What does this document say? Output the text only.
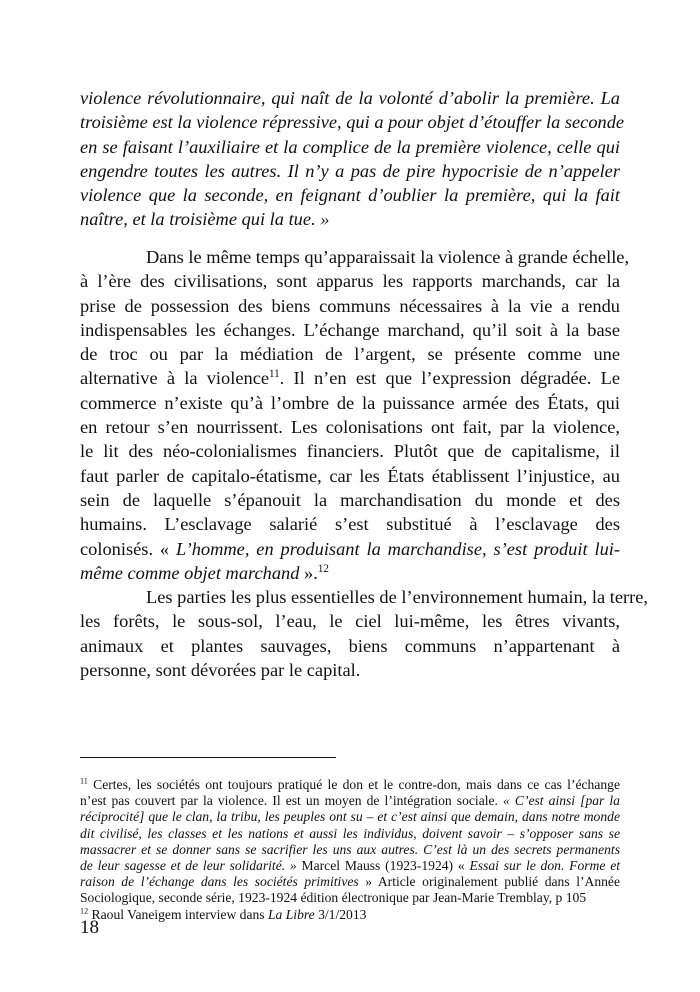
violence révolutionnaire, qui naît de la volonté d’abolir la première. La
troisième est la violence répressive, qui a pour objet d’étouffer la seconde
en se faisant l’auxiliaire et la complice de la première violence, celle qui
engendre toutes les autres. Il n’y a pas de pire hypocrisie de n’appeler
violence que la seconde, en feignant d’oublier la première, qui la fait
naître, et la troisième qui la tue. »
Dans le même temps qu’apparaissait la violence à grande échelle,
à l’ère des civilisations, sont apparus les rapports marchands, car la
prise de possession des biens communs nécessaires à la vie a rendu
indispensables les échanges. L’échange marchand, qu’il soit à la base
de troc ou par la médiation de l’argent, se présente comme une
alternative à la violence$^{11}$. Il n’en est que l’expression dégradée. Le
commerce n’existe qu’à l’ombre de la puissance armée des États, qui
en retour s’en nourrissent. Les colonisations ont fait, par la violence,
le lit des néo-colonialismes financiers. Plutôt que de capitalisme, il
faut parler de capitalo-étatisme, car les États établissent l’injustice, au
sein de laquelle s’épanouit la marchandisation du monde et des
humains. L’esclavage salarié s’est substitué à l’esclavage des
colonisés. « L’homme, en produisant la marchandise, s’est produit lui-
même comme objet marchand ».$^{12}$
Les parties les plus essentielles de l’environnement humain, la terre,
les forêts, le sous-sol, l’eau, le ciel lui-même, les êtres vivants,
animaux et plantes sauvages, biens communs n’appartenant à
personne, sont dévorées par le capital.
$^{11}$ Certes, les sociétés ont toujours pratiqué le don et le contre-don, mais dans ce cas l’échange
n’est pas couvert par la violence. Il est un moyen de l’intégration sociale. « C’est ainsi [par la
réciprocité] que le clan, la tribu, les peuples ont su – et c’est ainsi que demain, dans notre monde
dit civilisé, les classes et les nations et aussi les individus, doivent savoir – s’opposer sans se
massacrer et se donner sans se sacrifier les uns aux autres. C’est là un des secrets permanents
de leur sagesse et de leur solidarité. » Marcel Mauss (1923-1924) « Essai sur le don. Forme et
raison de l’échange dans les sociétés primitives » Article originalement publié dans l’Année
Sociologique, seconde série, 1923-1924 édition électronique par Jean-Marie Tremblay, p 105
$^{12}$ Raoul Vaneigem interview dans La Libre 3/1/2013
18
